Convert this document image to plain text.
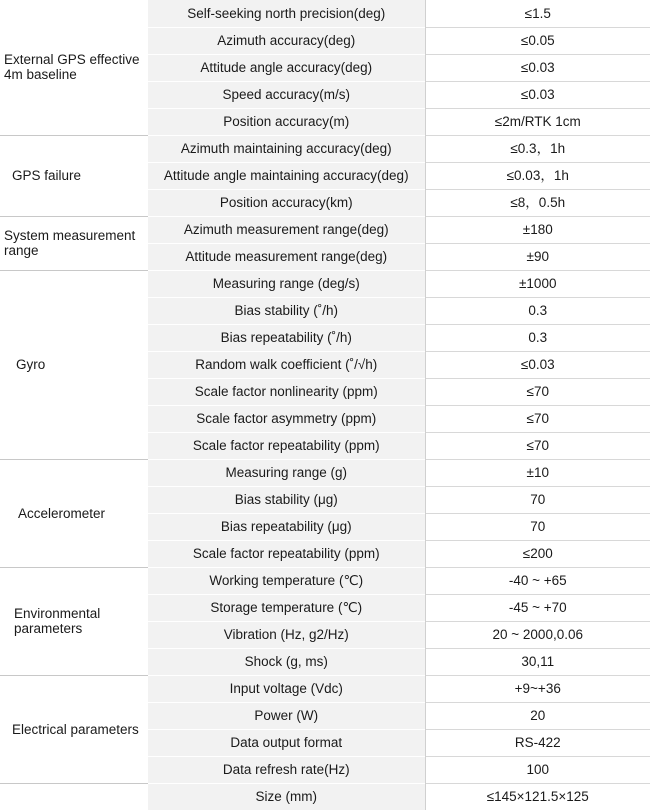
External GPS effective 4m baseline	Self-seeking north precision(deg)	≤1.5
	Azimuth accuracy(deg)	≤0.05
	Attitude angle accuracy(deg)	≤0.03
	Speed accuracy(m/s)	≤0.03
	Position accuracy(m)	≤2m/RTK 1cm
GPS failure	Azimuth maintaining accuracy(deg)	≤0.3，1h
	Attitude angle maintaining accuracy(deg)	≤0.03，1h
	Position accuracy(km)	≤8，0.5h
System measurement range	Azimuth measurement range(deg)	±180
	Attitude measurement range(deg)	±90
Gyro	Measuring range (deg/s)	±1000
	Bias stability (˚/h)	0.3
	Bias repeatability (˚/h)	0.3
	Random walk coefficient (˚/√h)	≤0.03
	Scale factor nonlinearity (ppm)	≤70
	Scale factor asymmetry (ppm)	≤70
	Scale factor repeatability (ppm)	≤70
Accelerometer	Measuring range (g)	±10
	Bias stability (μg)	70
	Bias repeatability (μg)	70
	Scale factor repeatability (ppm)	≤200
Environmental parameters	Working temperature (℃)	-40 ~ +65
	Storage temperature (℃)	-45 ~ +70
	Vibration (Hz, g2/Hz)	20 ~ 2000,0.06
	Shock (g, ms)	30,11
Electrical parameters	Input voltage (Vdc)	+9~+36
	Power (W)	20
	Data output format	RS-422
	Data refresh rate(Hz)	100
	Size (mm)	≤145×121.5×125
